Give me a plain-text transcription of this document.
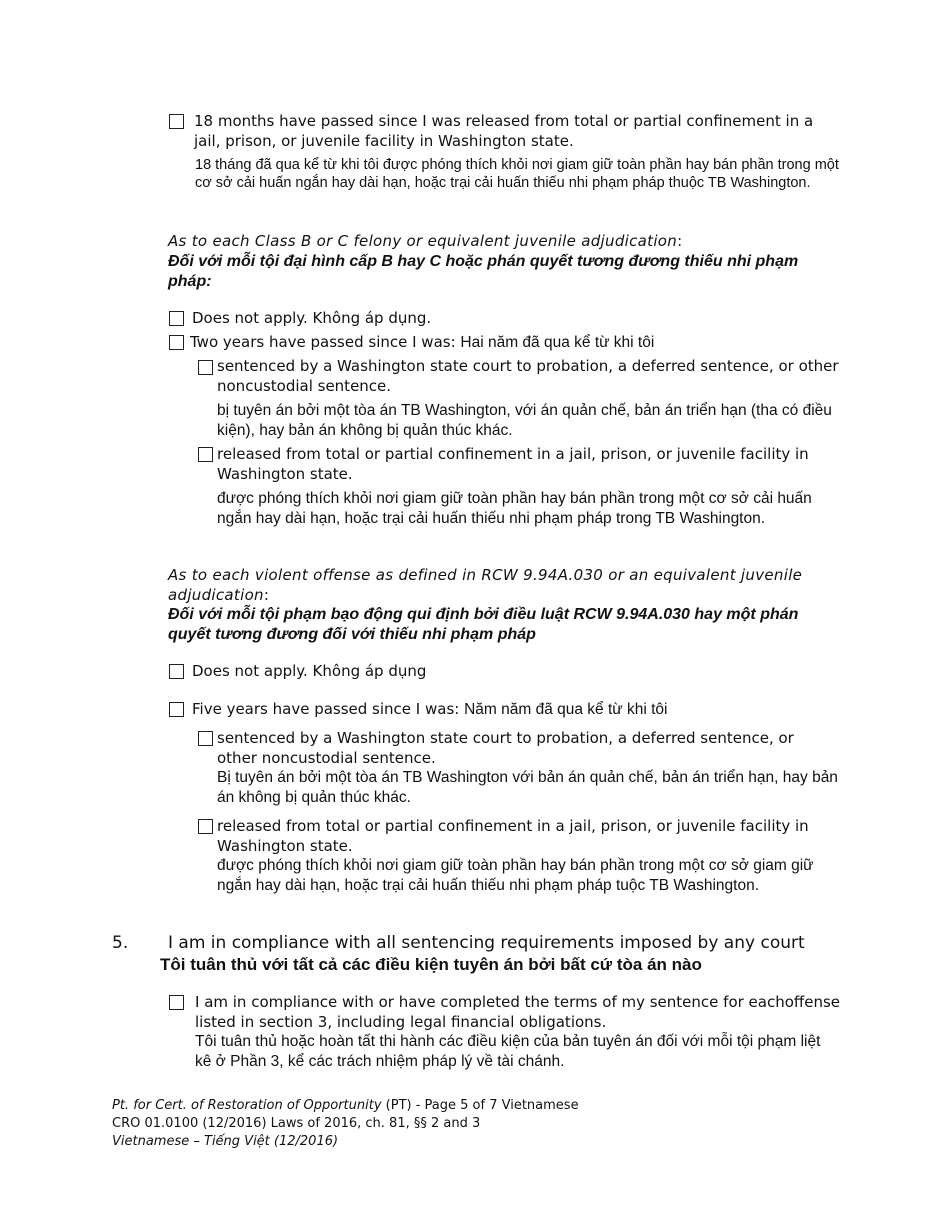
18 months have passed since I was released from total or partial confinement in a jail, prison, or juvenile facility in Washington state.
18 tháng đã qua kể từ khi tôi được phóng thích khỏi nơi giam giữ toàn phần hay bán phần trong một cơ sở cải huấn ngắn hay dài hạn, hoặc trại cải huấn thiếu nhi phạm pháp thuộc TB Washington.
As to each Class B or C felony or equivalent juvenile adjudication:
Đối với mỗi tội đại hình cấp B hay C hoặc phán quyết tương đương thiếu nhi phạm pháp:
Does not apply. Không áp dụng.
Two years have passed since I was: Hai năm đã qua kể từ khi tôi
sentenced by a Washington state court to probation, a deferred sentence, or other noncustodial sentence.
bị tuyên án bởi một tòa án TB Washington, với án quản chế, bản án triển hạn (tha có điều kiện), hay bản án không bị quản thúc khác.
released from total or partial confinement in a jail, prison, or juvenile facility in Washington state.
được phóng thích khỏi nơi giam giữ toàn phần hay bán phần trong một cơ sở cải huấn ngắn hay dài hạn, hoặc trại cải huấn thiếu nhi phạm pháp trong TB Washington.
As to each violent offense as defined in RCW 9.94A.030 or an equivalent juvenile adjudication:
Đối với mỗi tội phạm bạo động qui định bởi điều luật RCW 9.94A.030 hay một phán quyết tương đương đối với thiếu nhi phạm pháp
Does not apply. Không áp dụng
Five years have passed since I was: Năm năm đã qua kể từ khi tôi
sentenced by a Washington state court to probation, a deferred sentence, or other noncustodial sentence.
Bị tuyên án bởi một tòa án TB Washington với bản án quản chế, bản án triển hạn, hay bản án không bị quản thúc khác.
released from total or partial confinement in a jail, prison, or juvenile facility in Washington state.
được phóng thích khỏi nơi giam giữ toàn phần hay bán phần trong một cơ sở giam giữ ngắn hay dài hạn, hoặc trại cải huấn thiếu nhi phạm pháp tuộc TB Washington.
5. I am in compliance with all sentencing requirements imposed by any court
Tôi tuân thủ với tất cả các điều kiện tuyên án bởi bất cứ tòa án nào
I am in compliance with or have completed the terms of my sentence for eachoffense listed in section 3, including legal financial obligations.
Tôi tuân thủ hoặc hoàn tất thi hành các điều kiện của bản tuyên án đối với mỗi tội phạm liệt kê ở Phần 3, kể các trách nhiệm pháp lý về tài chánh.
Pt. for Cert. of Restoration of Opportunity (PT) - Page 5 of 7 Vietnamese
CRO 01.0100 (12/2016) Laws of 2016, ch. 81, §§ 2 and 3
Vietnamese – Tiếng Việt (12/2016)
